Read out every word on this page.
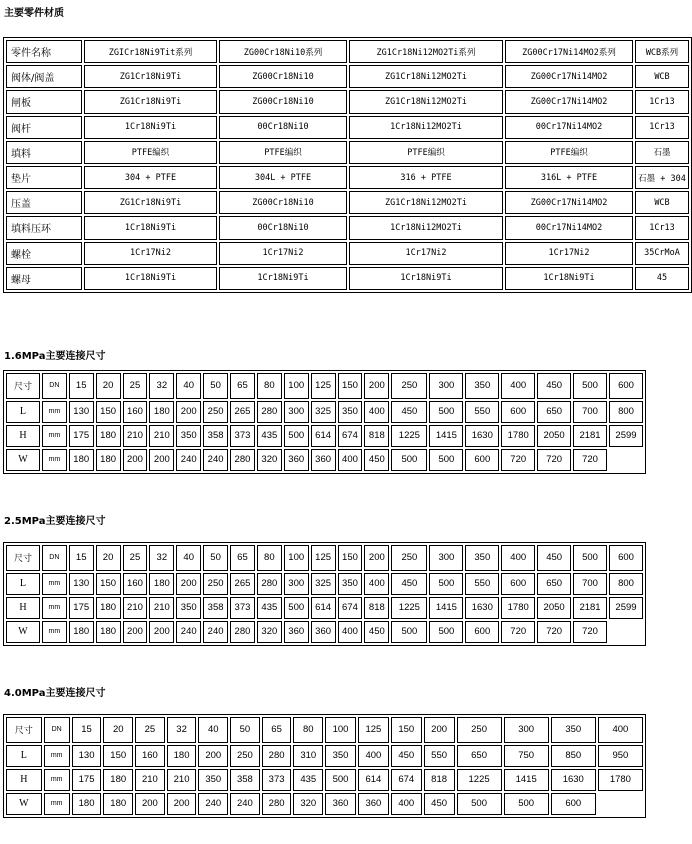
主要零件材质
零件名称	ZGICr18Ni9Tit系列	ZG00Cr18Ni10系列	ZG1Cr18Ni12MO2Ti系列	ZG00Cr17Ni14MO2系列	WCB系列
阀体/阀盖	ZG1Cr18Ni9Ti	ZG00Cr18Ni10	ZG1Cr18Ni12MO2Ti	ZG00Cr17Ni14MO2	WCB
闸板	ZG1Cr18Ni9Ti	ZG00Cr18Ni10	ZG1Cr18Ni12MO2Ti	ZG00Cr17Ni14MO2	1Cr13
阀杆	1Cr18Ni9Ti	00Cr18Ni10	1Cr18Ni12MO2Ti	00Cr17Ni14MO2	1Cr13
填料	PTFE编织	PTFE编织	PTFE编织	PTFE编织	石墨
垫片	304 + PTFE	304L + PTFE	316 + PTFE	316L + PTFE	石墨 + 304
压盖	ZG1Cr18Ni9Ti	ZG00Cr18Ni10	ZG1Cr18Ni12MO2Ti	ZG00Cr17Ni14MO2	WCB
填料压环	1Cr18Ni9Ti	00Cr18Ni10	1Cr18Ni12MO2Ti	00Cr17Ni14MO2	1Cr13
螺栓	1Cr17Ni2	1Cr17Ni2	1Cr17Ni2	1Cr17Ni2	35CrMoA
螺母	1Cr18Ni9Ti	1Cr18Ni9Ti	1Cr18Ni9Ti	1Cr18Ni9Ti	45
1.6MPa主要连接尺寸
尺寸	DN	15	20	25	32	40	50	65	80	100	125	150	200	250	300	350	400	450	500	600
L	mm	130	150	160	180	200	250	265	280	300	325	350	400	450	500	550	600	650	700	800
H	mm	175	180	210	210	350	358	373	435	500	614	674	818	1225	1415	1630	1780	2050	2181	2599
W	mm	180	180	200	200	240	240	280	320	360	360	400	450	500	500	600	720	720	720	
2.5MPa主要连接尺寸
尺寸	DN	15	20	25	32	40	50	65	80	100	125	150	200	250	300	350	400	450	500	600
L	mm	130	150	160	180	200	250	265	280	300	325	350	400	450	500	550	600	650	700	800
H	mm	175	180	210	210	350	358	373	435	500	614	674	818	1225	1415	1630	1780	2050	2181	2599
W	mm	180	180	200	200	240	240	280	320	360	360	400	450	500	500	600	720	720	720	
4.0MPa主要连接尺寸
尺寸	DN	15	20	25	32	40	50	65	80	100	125	150	200	250	300	350	400
L	mm	130	150	160	180	200	250	280	310	350	400	450	550	650	750	850	950
H	mm	175	180	210	210	350	358	373	435	500	614	674	818	1225	1415	1630	1780
W	mm	180	180	200	200	240	240	280	320	360	360	400	450	500	500	600	
